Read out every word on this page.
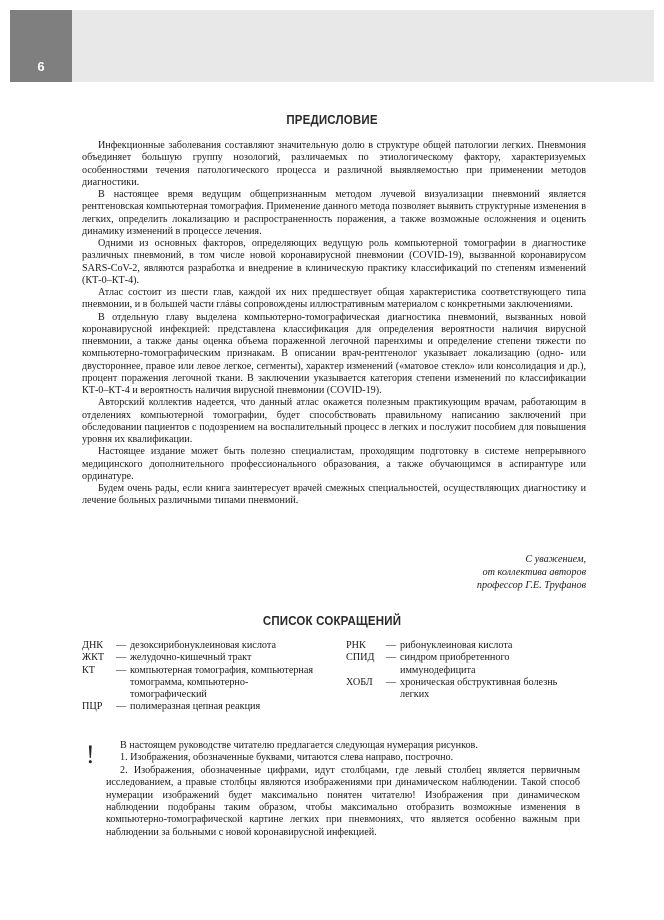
6
ПРЕДИСЛОВИЕ

Инфекционные заболевания составляют значительную долю в структуре общей патологии легких. Пневмония объединяет большую группу нозологий, различаемых по этиологическому фактору, характеризуемых особенностями течения патологического процесса и различной выявляемостью при применении методов диагностики.

В настоящее время ведущим общепризнанным методом лучевой визуализации пневмоний является рентгеновская компьютерная томография. Применение данного метода позволяет выявить структурные изменения в легких, определить локализацию и распространенность поражения, а также возможные осложнения и оценить динамику изменений в процессе лечения.

Одними из основных факторов, определяющих ведущую роль компьютерной томографии в диагностике различных пневмоний, в том числе новой коронавирусной пневмонии (COVID-19), вызванной коронавирусом SARS-CoV-2, являются разработка и внедрение в клиническую практику классификаций по степеням изменений (КТ-0–КТ-4).

Атлас состоит из шести глав, каждой их них предшествует общая характеристика соответствующего типа пневмонии, и в большей части глáвы сопровождены иллюстративным материалом с конкретными заключениями.

В отдельную главу выделена компьютерно-томографическая диагностика пневмоний, вызванных новой коронавирусной инфекцией: представлена классификация для определения вероятности наличия вирусной пневмонии, а также даны оценка объема пораженной легочной паренхимы и определение степени тяжести по компьютерно-томографическим признакам. В описании врач-рентгенолог указывает локализацию (одно- или двустороннее, правое или левое легкое, сегменты), характер изменений («матовое стекло» или консолидация и др.), процент поражения легочной ткани. В заключении указывается категория степени изменений по классификации КТ-0–КТ-4 и вероятность наличия вирусной пневмонии (COVID-19).

Авторский коллектив надеется, что данный атлас окажется полезным практикующим врачам, работающим в отделениях компьютерной томографии, будет способствовать правильному написанию заключений при обследовании пациентов с подозрением на воспалительный процесс в легких и послужит пособием для повышения уровня их квалификации.

Настоящее издание может быть полезно специалистам, проходящим подготовку в системе непрерывного медицинского дополнительного профессионального образования, а также обучающимся в аспирантуре или ординатуре.

Будем очень рады, если книга заинтересует врачей смежных специальностей, осуществляющих диагностику и лечение больных различными типами пневмоний.

С уважением,
от коллектива авторов
профессор Г.Е. Труфанов
СПИСОК СОКРАЩЕНИЙ
ДНК	— дезоксирибонуклеиновая кислота
ЖКТ	— желудочно-кишечный тракт
КТ	— компьютерная томография, компьютерная томограмма, компьютерно-томографический
ПЦР	— полимеразная цепная реакция
РНК	— рибонуклеиновая кислота
СПИД	— синдром приобретенного иммунодефицита
ХОБЛ	— хроническая обструктивная болезнь легких
!	В настоящем руководстве читателю предлагается следующая нумерация рисунков.

1. Изображения, обозначенные буквами, читаются слева направо, построчно.

2. Изображения, обозначенные цифрами, идут столбцами, где левый столбец является первичным исследованием, а правые столбцы являются изображениями при динамическом наблюдении. Такой способ нумерации изображений будет максимально понятен читателю! Изображения при динамическом наблюдении подобраны таким образом, чтобы максимально отобразить возможные изменения в компьютерно-томографической картине легких при пневмониях, что является особенно важным при наблюдении за больными с новой коронавирусной инфекцией.
